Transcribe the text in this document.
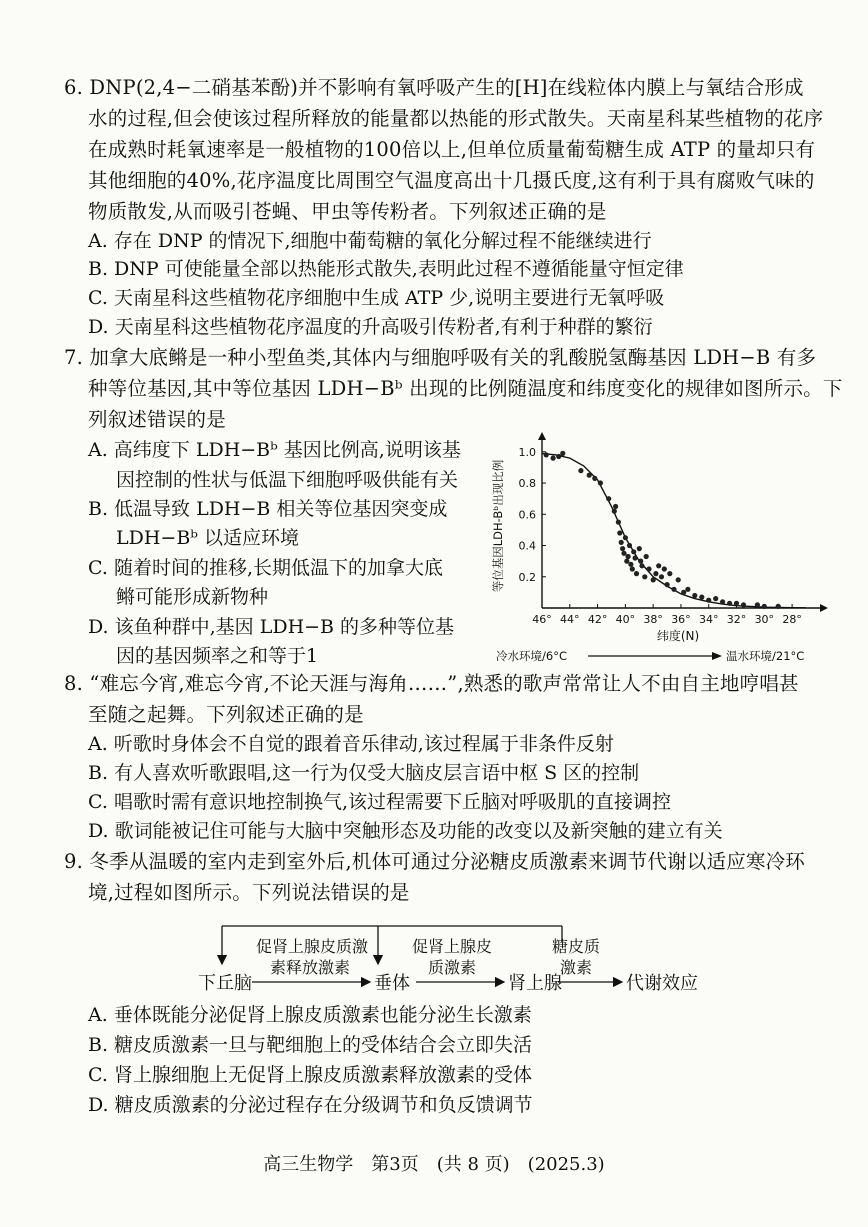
6. DNP(2,4−二硝基苯酚)并不影响有氧呼吸产生的[H]在线粒体内膜上与氧结合形成
水的过程,但会使该过程所释放的能量都以热能的形式散失。天南星科某些植物的花序
在成熟时耗氧速率是一般植物的100倍以上,但单位质量葡萄糖生成 ATP 的量却只有
其他细胞的40%,花序温度比周围空气温度高出十几摄氏度,这有利于具有腐败气味的
物质散发,从而吸引苍蝇、甲虫等传粉者。下列叙述正确的是
A. 存在 DNP 的情况下,细胞中葡萄糖的氧化分解过程不能继续进行
B. DNP 可使能量全部以热能形式散失,表明此过程不遵循能量守恒定律
C. 天南星科这些植物花序细胞中生成 ATP 少,说明主要进行无氧呼吸
D. 天南星科这些植物花序温度的升高吸引传粉者,有利于种群的繁衍
7. 加拿大底鳉是一种小型鱼类,其体内与细胞呼吸有关的乳酸脱氢酶基因 LDH−B 有多
种等位基因,其中等位基因 LDH−Bᵇ 出现的比例随温度和纬度变化的规律如图所示。下
列叙述错误的是
A. 高纬度下 LDH−Bᵇ 基因比例高,说明该基
因控制的性状与低温下细胞呼吸供能有关
B. 低温导致 LDH−B 相关等位基因突变成
LDH−Bᵇ 以适应环境
C. 随着时间的推移,长期低温下的加拿大底
鳉可能形成新物种
D. 该鱼种群中,基因 LDH−B 的多种等位基
因的基因频率之和等于1
0.2
0.4
0.6
0.8
1.0
46° 44° 42° 40° 38° 36° 34° 32° 30° 28°
等位基因LDH-Bᵇ出现比例
纬度(N)
冷水环境/6°C	温水环境/21°C
8. “难忘今宵,难忘今宵,不论天涯与海角……”,熟悉的歌声常常让人不由自主地哼唱甚
至随之起舞。下列叙述正确的是
A. 听歌时身体会不自觉的跟着音乐律动,该过程属于非条件反射
B. 有人喜欢听歌跟唱,这一行为仅受大脑皮层言语中枢 S 区的控制
C. 唱歌时需有意识地控制换气,该过程需要下丘脑对呼吸肌的直接调控
D. 歌词能被记住可能与大脑中突触形态及功能的改变以及新突触的建立有关
9. 冬季从温暖的室内走到室外后,机体可通过分泌糖皮质激素来调节代谢以适应寒冷环
境,过程如图所示。下列说法错误的是
下丘脑	垂体	肾上腺	代谢效应
促肾上腺皮质激
素释放激素
促肾上腺皮
质激素
糖皮质
激素
A. 垂体既能分泌促肾上腺皮质激素也能分泌生长激素
B. 糖皮质激素一旦与靶细胞上的受体结合会立即失活
C. 肾上腺细胞上无促肾上腺皮质激素释放激素的受体
D. 糖皮质激素的分泌过程存在分级调节和负反馈调节
高三生物学　第3页　(共 8 页)　(2025.3)
